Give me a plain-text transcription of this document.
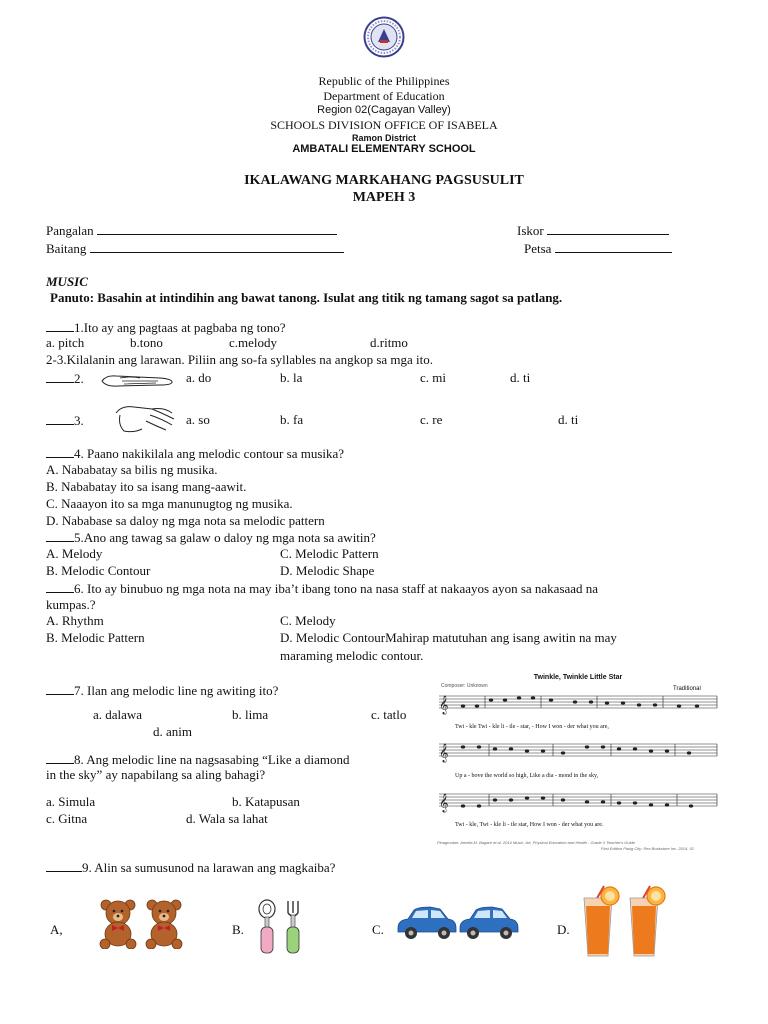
Republic of the Philippines
Department of Education
Region 02(Cagayan Valley)
SCHOOLS DIVISION OFFICE OF ISABELA
Ramon District
AMBATALI ELEMENTARY SCHOOL
IKALAWANG MARKAHANG PAGSUSULIT
MAPEH 3
Pangalan
Baitang
Iskor
Petsa
MUSIC
Panuto: Basahin at intindihin ang bawat tanong. Isulat ang titik ng tamang sagot sa patlang.
1.Ito ay ang pagtaas at pagbaba ng tono?
a. pitch	b.tono	c.melody	d.ritmo
2-3.Kilalanin ang larawan. Piliin ang so-fa syllables na angkop sa mga ito.
2.	a. do	b. la	c. mi	d. ti
3.	a. so	b. fa	c. re	d. ti
4. Paano nakikilala ang melodic contour sa musika?
A. Nababatay sa bilis ng musika.
B. Nababatay ito sa isang mang-aawit.
C. Naaayon ito sa mga manunugtog ng musika.
D. Nababase sa daloy ng mga nota sa melodic pattern
5.Ano ang tawag sa galaw o daloy ng mga nota sa awitin?
A. Melody	C. Melodic Pattern
B. Melodic Contour	D. Melodic Shape
6. Ito ay binubuo ng mga nota na may iba’t ibang tono na nasa staff at nakaayos ayon sa nakasaad na
kumpas.?
A. Rhythm	C. Melody
B. Melodic Pattern	D. Melodic ContourMahirap matutuhan ang isang awitin na may
maraming melodic contour.
7. Ilan ang melodic line ng awiting ito?
a. dalawa	b. lima	c. tatlo
d. anim
8. Ang melodic line na nagsasabing “Like a diamond
in the sky” ay napabilang sa aling bahagi?
a. Simula	b. Katapusan
c. Gitna	d. Wala sa lahat
Twinkle, Twinkle Little Star
Composer: Unknown	Traditional
𝄞
𝄞
𝄞
Twi - kle Twi - kle li - tle - star, - How I won - der what you are,
Up a - bove the world so high, Like a dia - mond in the sky,
Twi - kle, Twi - kle li - tle star, How I won - der what you are.
Pinagmulan: Amelia M. Bagare et al. 2014 Music, Art, Physical Education and Health - Grade 3 Teacher's Guide
First Edition Pasig City: Rex Bookstore Inc. 2014. 51
9. Alin sa sumusunod na larawan ang magkaiba?
A,	B.	C.	D.
